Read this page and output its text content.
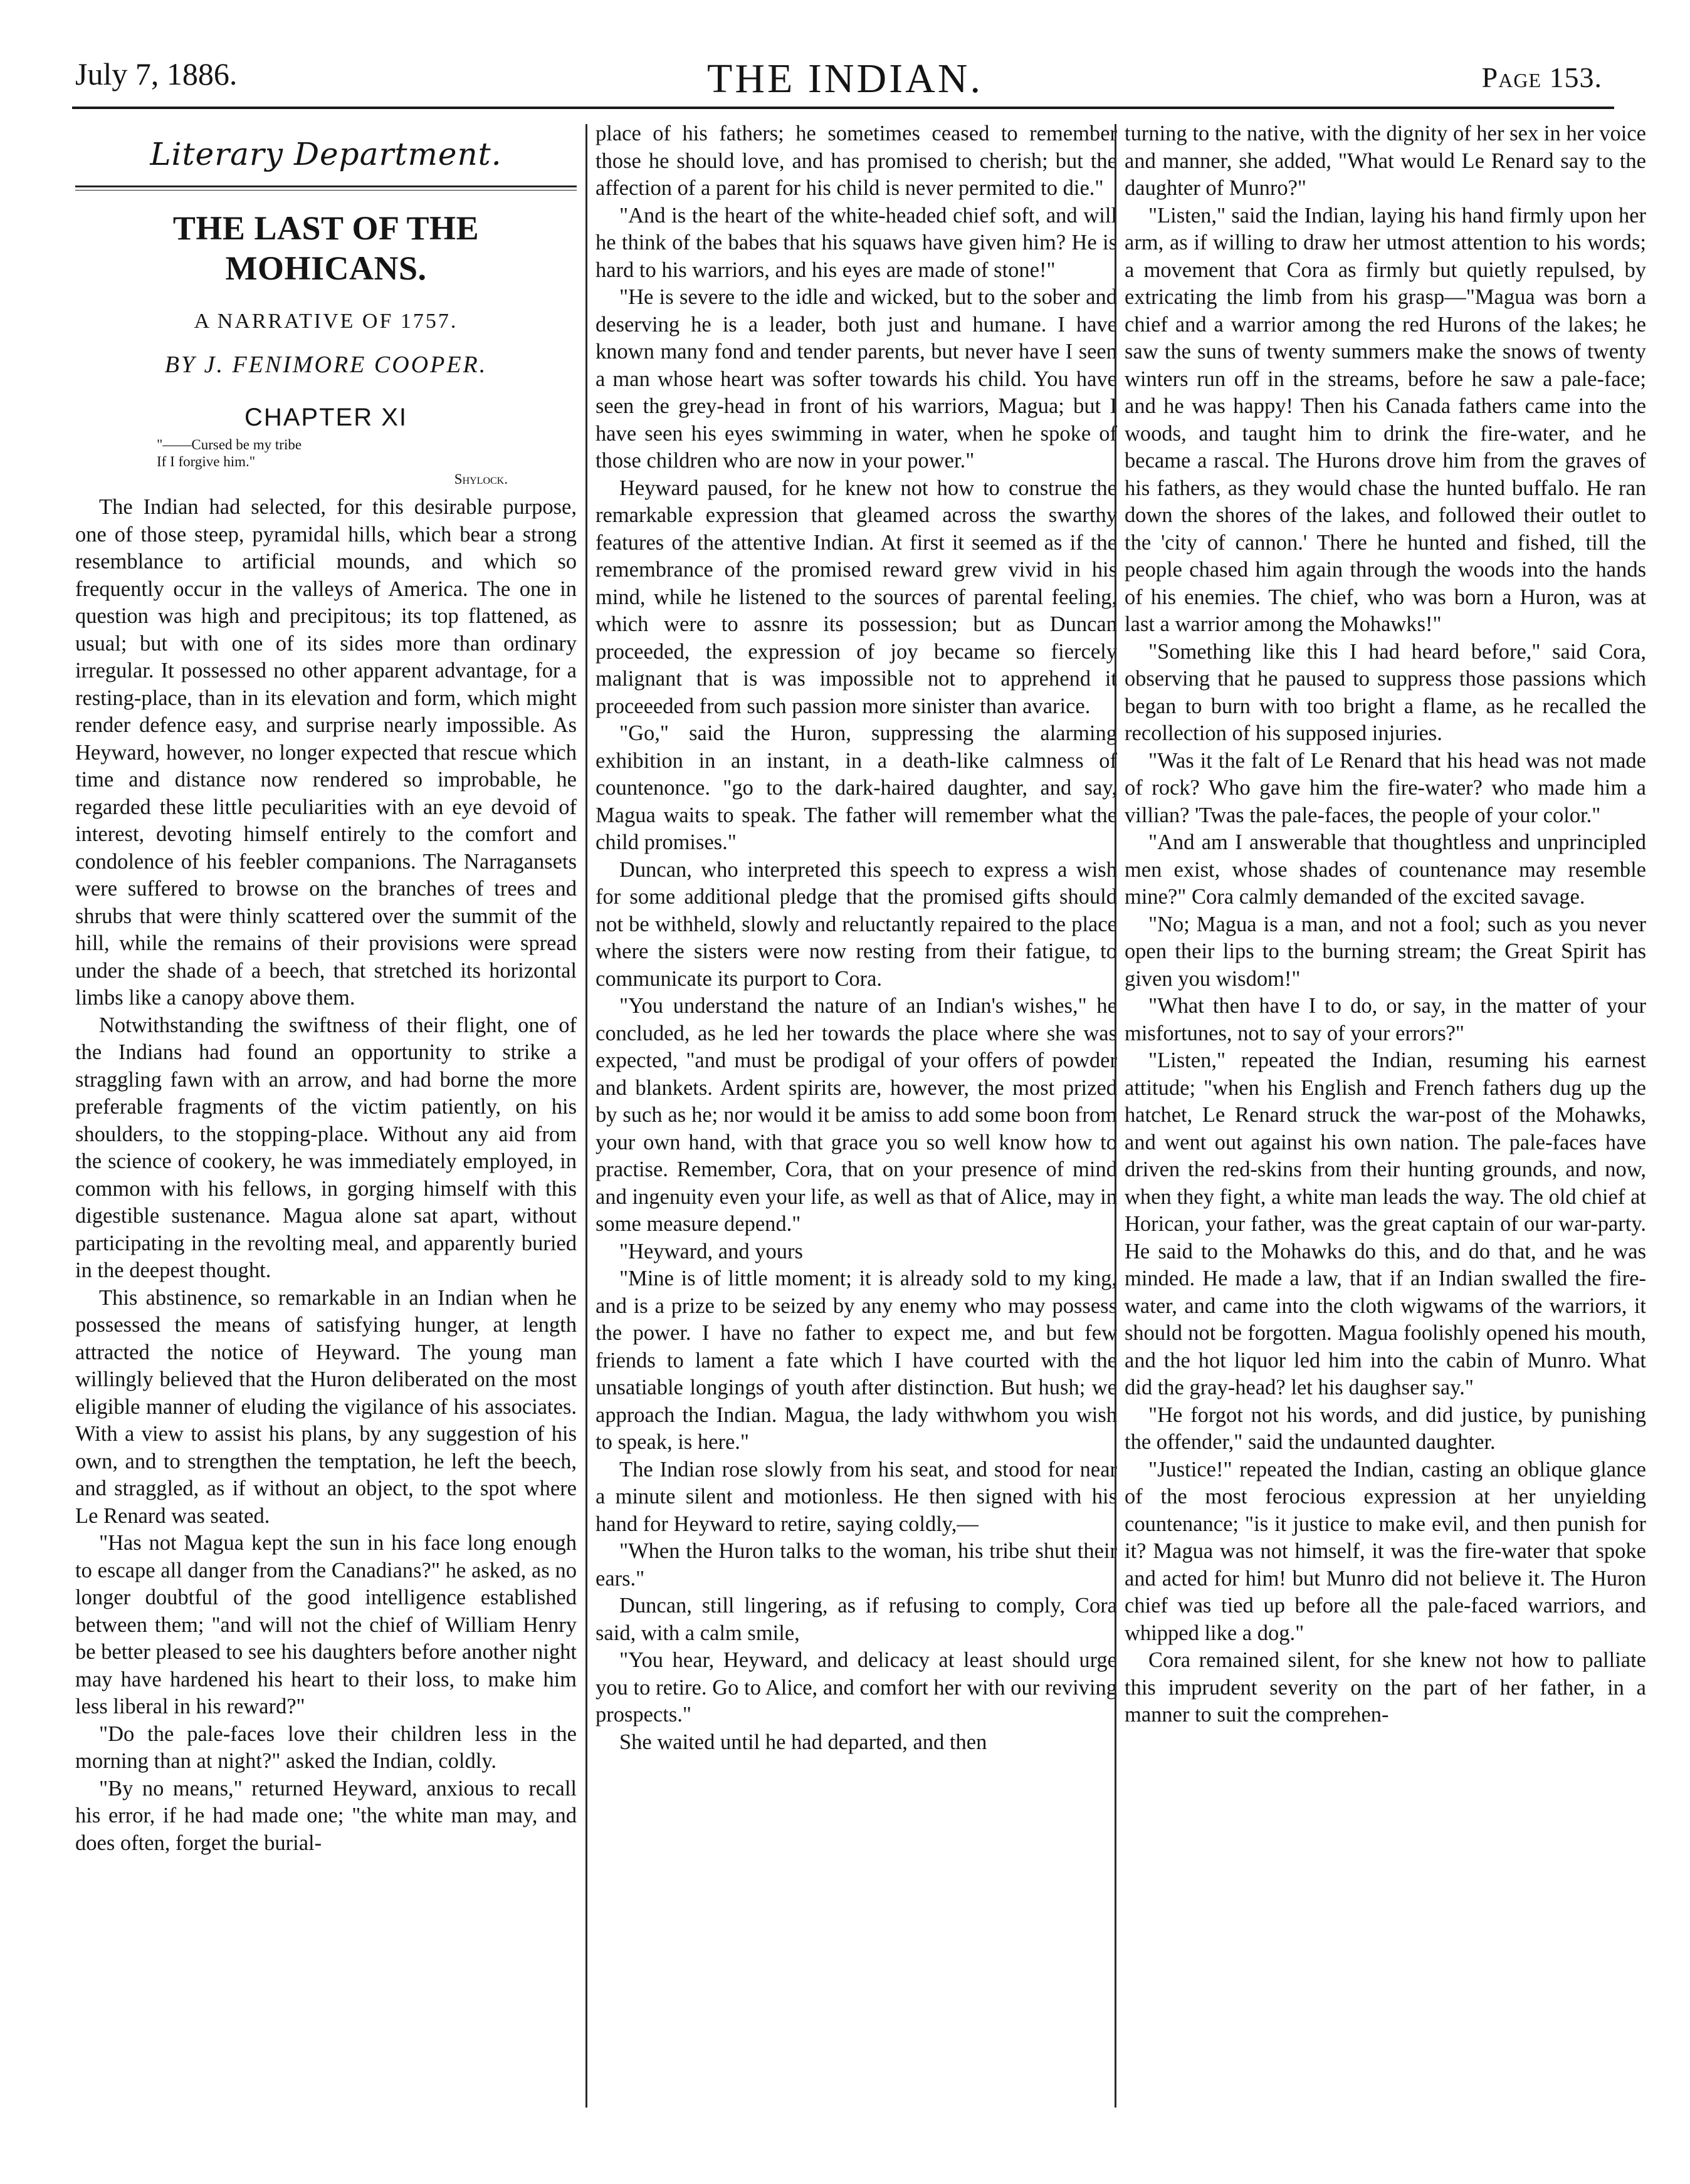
July 7, 1886.	THE INDIAN.	Page 153.
Literary Department.
THE LAST OF THE MOHICANS.
A NARRATIVE OF 1757.
BY J. FENIMORE COOPER.
CHAPTER XI
"——Cursed be my tribe
If I forgive him."
Shylock.

The Indian had selected, for this desirable purpose, one of those steep, pyramidal hills, which bear a strong resemblance to artificial mounds, and which so frequently occur in the valleys of America. The one in question was high and precipitous; its top flattened, as usual; but with one of its sides more than ordinary irregular. It possessed no other apparent advantage, for a resting-place, than in its elevation and form, which might render defence easy, and surprise nearly impossible. As Heyward, however, no longer expected that rescue which time and distance now rendered so improbable, he regarded these little peculiarities with an eye devoid of interest, devoting himself entirely to the comfort and condolence of his feebler companions. The Narragansets were suffered to browse on the branches of trees and shrubs that were thinly scattered over the summit of the hill, while the remains of their provisions were spread under the shade of a beech, that stretched its horizontal limbs like a canopy above them.

Notwithstanding the swiftness of their flight, one of the Indians had found an opportunity to strike a straggling fawn with an arrow, and had borne the more preferable fragments of the victim patiently, on his shoulders, to the stopping-place. Without any aid from the science of cookery, he was immediately employed, in common with his fellows, in gorging himself with this digestible sustenance. Magua alone sat apart, without participating in the revolting meal, and apparently buried in the deepest thought.

This abstinence, so remarkable in an Indian when he possessed the means of satisfying hunger, at length attracted the notice of Heyward. The young man willingly believed that the Huron deliberated on the most eligible manner of eluding the vigilance of his associates. With a view to assist his plans, by any suggestion of his own, and to strengthen the temptation, he left the beech, and straggled, as if without an object, to the spot where Le Renard was seated.

"Has not Magua kept the sun in his face long enough to escape all danger from the Canadians?" he asked, as no longer doubtful of the good intelligence established between them; "and will not the chief of William Henry be better pleased to see his daughters before another night may have hardened his heart to their loss, to make him less liberal in his reward?"

"Do the pale-faces love their children less in the morning than at night?" asked the Indian, coldly.

"By no means," returned Heyward, anxious to recall his error, if he had made one; "the white man may, and does often, forget the burial-

place of his fathers; he sometimes ceased to remember those he should love, and has promised to cherish; but the affection of a parent for his child is never permited to die."

"And is the heart of the white-headed chief soft, and will he think of the babes that his squaws have given him? He is hard to his warriors, and his eyes are made of stone!"

"He is severe to the idle and wicked, but to the sober and deserving he is a leader, both just and humane. I have known many fond and tender parents, but never have I seen a man whose heart was softer towards his child. You have seen the grey-head in front of his warriors, Magua; but I have seen his eyes swimming in water, when he spoke of those children who are now in your power."

Heyward paused, for he knew not how to construe the remarkable expression that gleamed across the swarthy features of the attentive Indian. At first it seemed as if the remembrance of the promised reward grew vivid in his mind, while he listened to the sources of parental feeling, which were to assnre its possession; but as Duncan proceeded, the expression of joy became so fiercely malignant that is was impossible not to apprehend it proceeeded from such passion more sinister than avarice.

"Go," said the Huron, suppressing the alarming exhibition in an instant, in a death-like calmness of countenonce. "go to the dark-haired daughter, and say, Magua waits to speak. The father will remember what the child promises."

Duncan, who interpreted this speech to express a wish for some additional pledge that the promised gifts should not be withheld, slowly and reluctantly repaired to the place where the sisters were now resting from their fatigue, to communicate its purport to Cora.

"You understand the nature of an Indian's wishes," he concluded, as he led her towards the place where she was expected, "and must be prodigal of your offers of powder and blankets. Ardent spirits are, however, the most prized by such as he; nor would it be amiss to add some boon from your own hand, with that grace you so well know how to practise. Remember, Cora, that on your presence of mind and ingenuity even your life, as well as that of Alice, may in some measure depend."

"Heyward, and yours

"Mine is of little moment; it is already sold to my king, and is a prize to be seized by any enemy who may possess the power. I have no father to expect me, and but few friends to lament a fate which I have courted with the unsatiable longings of youth after distinction. But hush; we approach the Indian. Magua, the lady withwhom you wish to speak, is here."

The Indian rose slowly from his seat, and stood for near a minute silent and motionless. He then signed with his hand for Heyward to retire, saying coldly,—

"When the Huron talks to the woman, his tribe shut their ears."

Duncan, still lingering, as if refusing to comply, Cora said, with a calm smile,

"You hear, Heyward, and delicacy at least should urge you to retire. Go to Alice, and comfort her with our reviving prospects."

She waited until he had departed, and then

turning to the native, with the dignity of her sex in her voice and manner, she added, "What would Le Renard say to the daughter of Munro?"

"Listen," said the Indian, laying his hand firmly upon her arm, as if willing to draw her utmost attention to his words; a movement that Cora as firmly but quietly repulsed, by extricating the limb from his grasp—"Magua was born a chief and a warrior among the red Hurons of the lakes; he saw the suns of twenty summers make the snows of twenty winters run off in the streams, before he saw a pale-face; and he was happy! Then his Canada fathers came into the woods, and taught him to drink the fire-water, and he became a rascal. The Hurons drove him from the graves of his fathers, as they would chase the hunted buffalo. He ran down the shores of the lakes, and followed their outlet to the 'city of cannon.' There he hunted and fished, till the people chased him again through the woods into the hands of his enemies. The chief, who was born a Huron, was at last a warrior among the Mohawks!"

"Something like this I had heard before," said Cora, observing that he paused to suppress those passions which began to burn with too bright a flame, as he recalled the recollection of his supposed injuries.

"Was it the falt of Le Renard that his head was not made of rock? Who gave him the fire-water? who made him a villian? 'Twas the pale-faces, the people of your color."

"And am I answerable that thoughtless and unprincipled men exist, whose shades of countenance may resemble mine?" Cora calmly demanded of the excited savage.

"No; Magua is a man, and not a fool; such as you never open their lips to the burning stream; the Great Spirit has given you wisdom!"

"What then have I to do, or say, in the matter of your misfortunes, not to say of your errors?"

"Listen," repeated the Indian, resuming his earnest attitude; "when his English and French fathers dug up the hatchet, Le Renard struck the war-post of the Mohawks, and went out against his own nation. The pale-faces have driven the red-skins from their hunting grounds, and now, when they fight, a white man leads the way. The old chief at Horican, your father, was the great captain of our war-party. He said to the Mohawks do this, and do that, and he was minded. He made a law, that if an Indian swalled the fire-water, and came into the cloth wigwams of the warriors, it should not be forgotten. Magua foolishly opened his mouth, and the hot liquor led him into the cabin of Munro. What did the gray-head? let his daughser say."

"He forgot not his words, and did justice, by punishing the offender," said the undaunted daughter.

"Justice!" repeated the Indian, casting an oblique glance of the most ferocious expression at her unyielding countenance; "is it justice to make evil, and then punish for it? Magua was not himself, it was the fire-water that spoke and acted for him! but Munro did not believe it. The Huron chief was tied up before all the pale-faced warriors, and whipped like a dog."

Cora remained silent, for she knew not how to palliate this imprudent severity on the part of her father, in a manner to suit the comprehen-
